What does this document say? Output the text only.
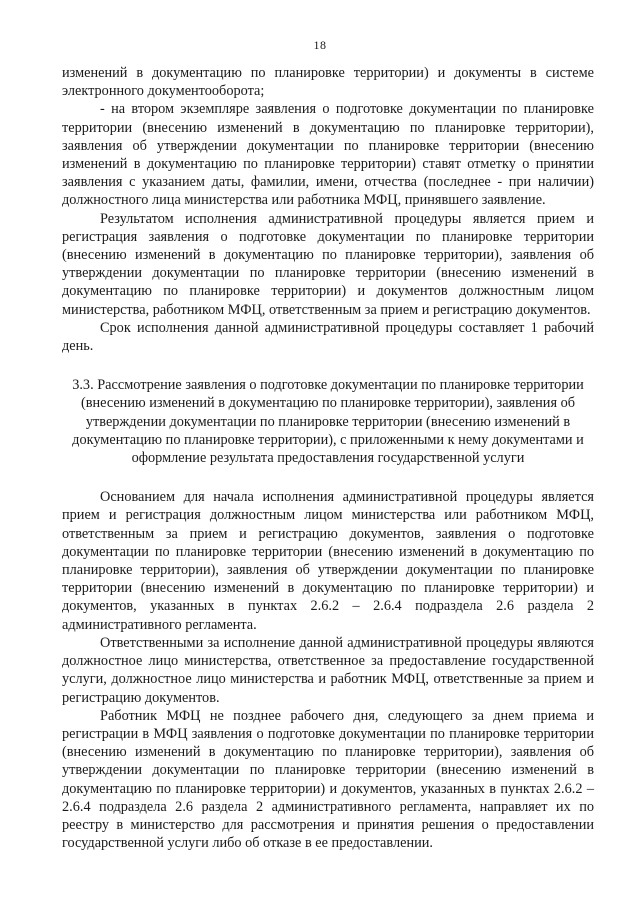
18

изменений в документацию по планировке территории) и документы в системе электронного документооборота;

- на втором экземпляре заявления о подготовке документации по планировке территории (внесению изменений в документацию по планировке территории), заявления об утверждении документации по планировке территории (внесению изменений в документацию по планировке территории) ставят отметку о принятии заявления с указанием даты, фамилии, имени, отчества (последнее - при наличии) должностного лица министерства или работника МФЦ, принявшего заявление.

Результатом исполнения административной процедуры является прием и регистрация заявления о подготовке документации по планировке территории (внесению изменений в документацию по планировке территории), заявления об утверждении документации по планировке территории (внесению изменений в документацию по планировке территории) и документов должностным лицом министерства, работником МФЦ, ответственным за прием и регистрацию документов.

Срок исполнения данной административной процедуры составляет 1 рабочий день.

3.3. Рассмотрение заявления о подготовке документации по планировке территории (внесению изменений в документацию по планировке территории), заявления об утверждении документации по планировке территории (внесению изменений в документацию по планировке территории), с приложенными к нему документами и оформление результата предоставления государственной услуги

Основанием для начала исполнения административной процедуры является прием и регистрация должностным лицом министерства или работником МФЦ, ответственным за прием и регистрацию документов, заявления о подготовке документации по планировке территории (внесению изменений в документацию по планировке территории), заявления об утверждении документации по планировке территории (внесению изменений в документацию по планировке территории) и документов, указанных в пунктах 2.6.2 – 2.6.4 подраздела 2.6 раздела 2 административного регламента.

Ответственными за исполнение данной административной процедуры являются должностное лицо министерства, ответственное за предоставление государственной услуги, должностное лицо министерства и работник МФЦ, ответственные за прием и регистрацию документов.

Работник МФЦ не позднее рабочего дня, следующего за днем приема и регистрации в МФЦ заявления о подготовке документации по планировке территории (внесению изменений в документацию по планировке территории), заявления об утверждении документации по планировке территории (внесению изменений в документацию по планировке территории) и документов, указанных в пунктах 2.6.2 – 2.6.4 подраздела 2.6 раздела 2 административного регламента, направляет их по реестру в министерство для рассмотрения и принятия решения о предоставлении государственной услуги либо об отказе в ее предоставлении.
